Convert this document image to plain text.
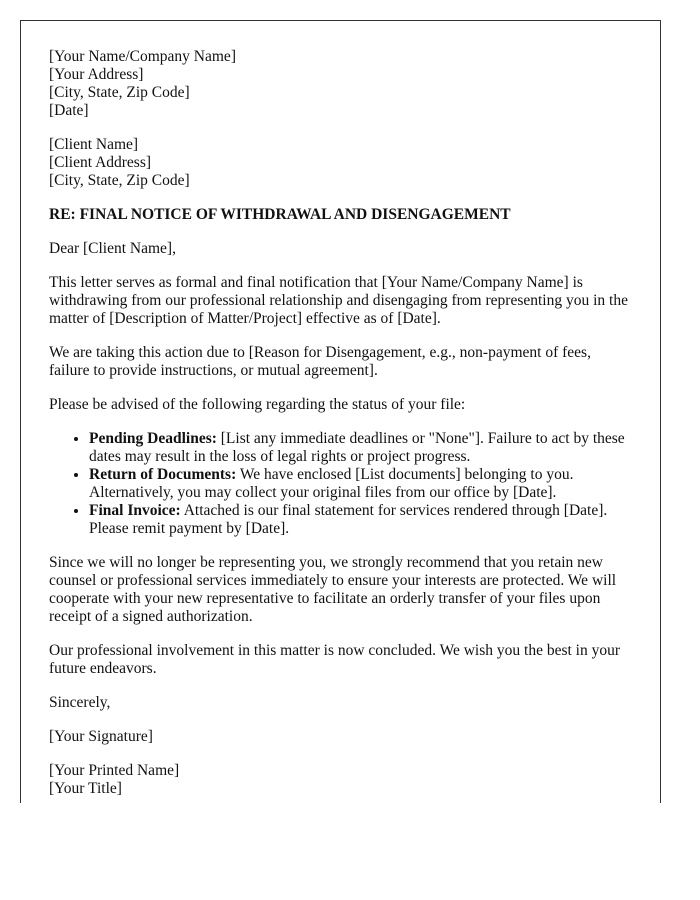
[Your Name/Company Name]
[Your Address]
[City, State, Zip Code]
[Date]
[Client Name]
[Client Address]
[City, State, Zip Code]
RE: FINAL NOTICE OF WITHDRAWAL AND DISENGAGEMENT

Dear [Client Name],

This letter serves as formal and final notification that [Your Name/Company Name] is withdrawing from our professional relationship and disengaging from representing you in the matter of [Description of Matter/Project] effective as of [Date].

We are taking this action due to [Reason for Disengagement, e.g., non-payment of fees, failure to provide instructions, or mutual agreement].

Please be advised of the following regarding the status of your file:

• Pending Deadlines: [List any immediate deadlines or "None"]. Failure to act by these dates may result in the loss of legal rights or project progress.
• Return of Documents: We have enclosed [List documents] belonging to you. Alternatively, you may collect your original files from our office by [Date].
• Final Invoice: Attached is our final statement for services rendered through [Date]. Please remit payment by [Date].

Since we will no longer be representing you, we strongly recommend that you retain new counsel or professional services immediately to ensure your interests are protected. We will cooperate with your new representative to facilitate an orderly transfer of your files upon receipt of a signed authorization.

Our professional involvement in this matter is now concluded. We wish you the best in your future endeavors.

Sincerely,

[Your Signature]

[Your Printed Name]
[Your Title]
